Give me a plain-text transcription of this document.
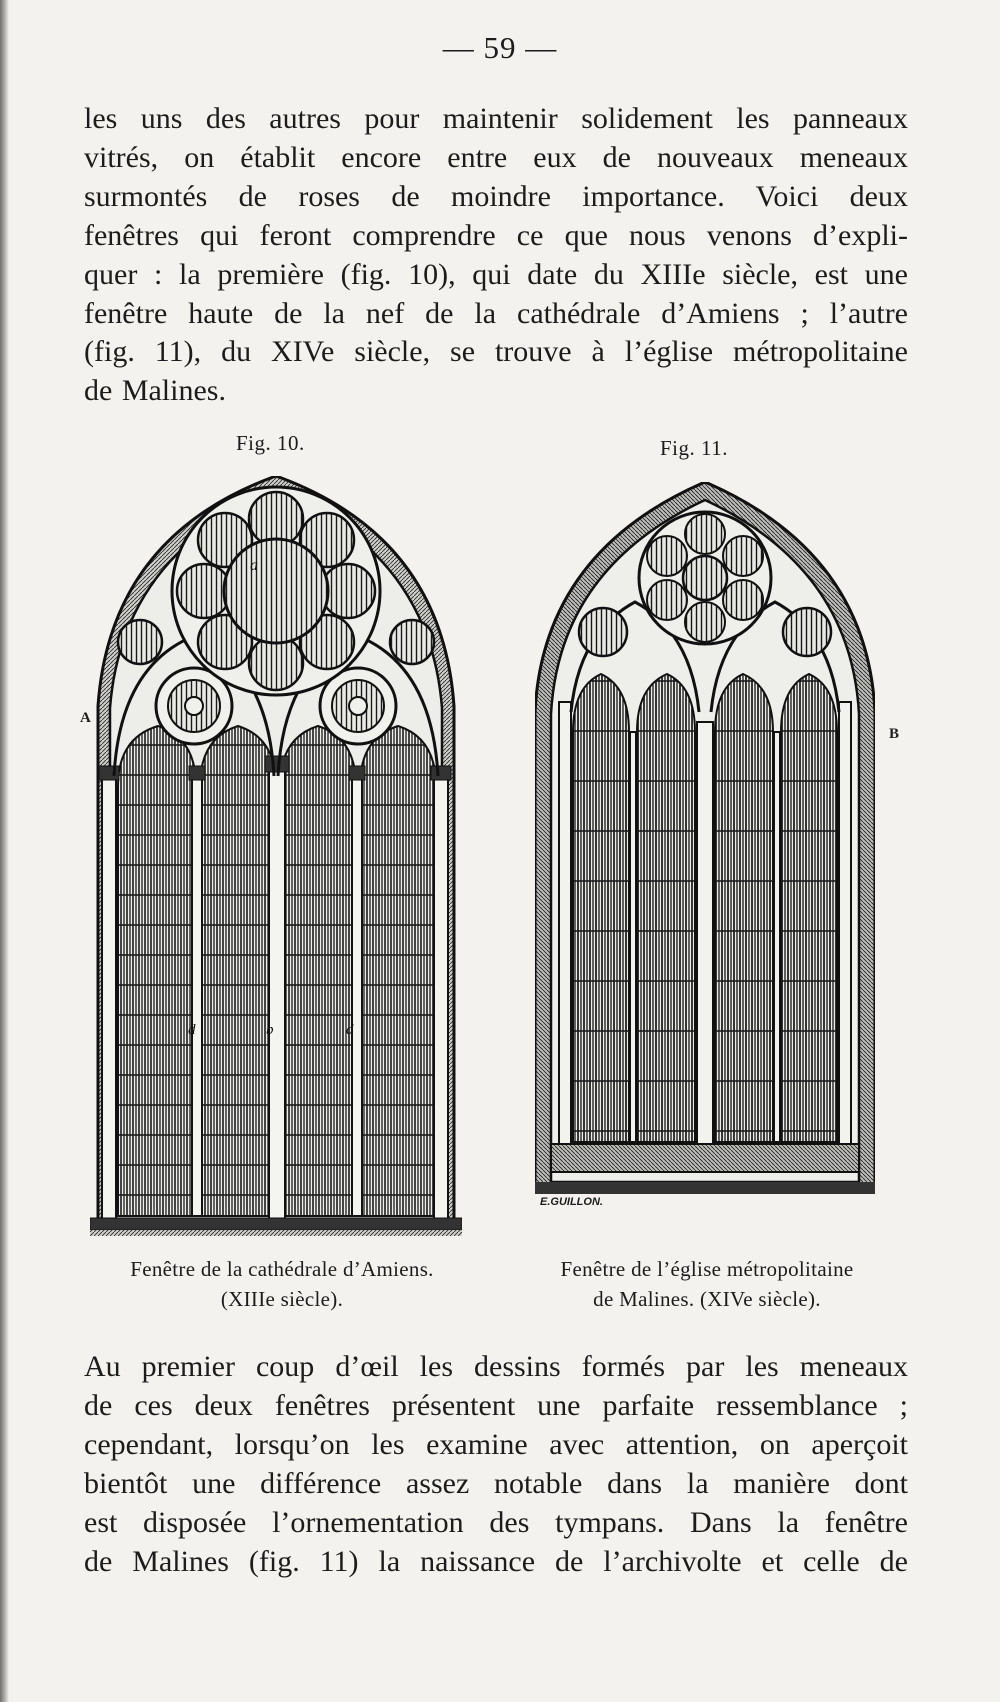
— 59 —

les uns des autres pour maintenir solidement les panneaux
vitrés, on établit encore entre eux de nouveaux meneaux
surmontés de roses de moindre importance. Voici deux
fenêtres qui feront comprendre ce que nous venons d’expli-
quer : la première (fig. 10), qui date du XIIIe siècle, est une
fenêtre haute de la nef de la cathédrale d’Amiens ; l’autre
(fig. 11), du XIVe siècle, se trouve à l’église métropolitaine
de Malines.

Fig. 10.	Fig. 11.
A
B
a
d	b	d
E.GUILLON.
Fenêtre de la cathédrale d’Amiens.
(XIIIe siècle).
Fenêtre de l’église métropolitaine
de Malines. (XIVe siècle).

Au premier coup d’œil les dessins formés par les meneaux
de ces deux fenêtres présentent une parfaite ressemblance ;
cependant, lorsqu’on les examine avec attention, on aperçoit
bientôt une différence assez notable dans la manière dont
est disposée l’ornementation des tympans. Dans la fenêtre
de Malines (fig. 11) la naissance de l’archivolte et celle de
